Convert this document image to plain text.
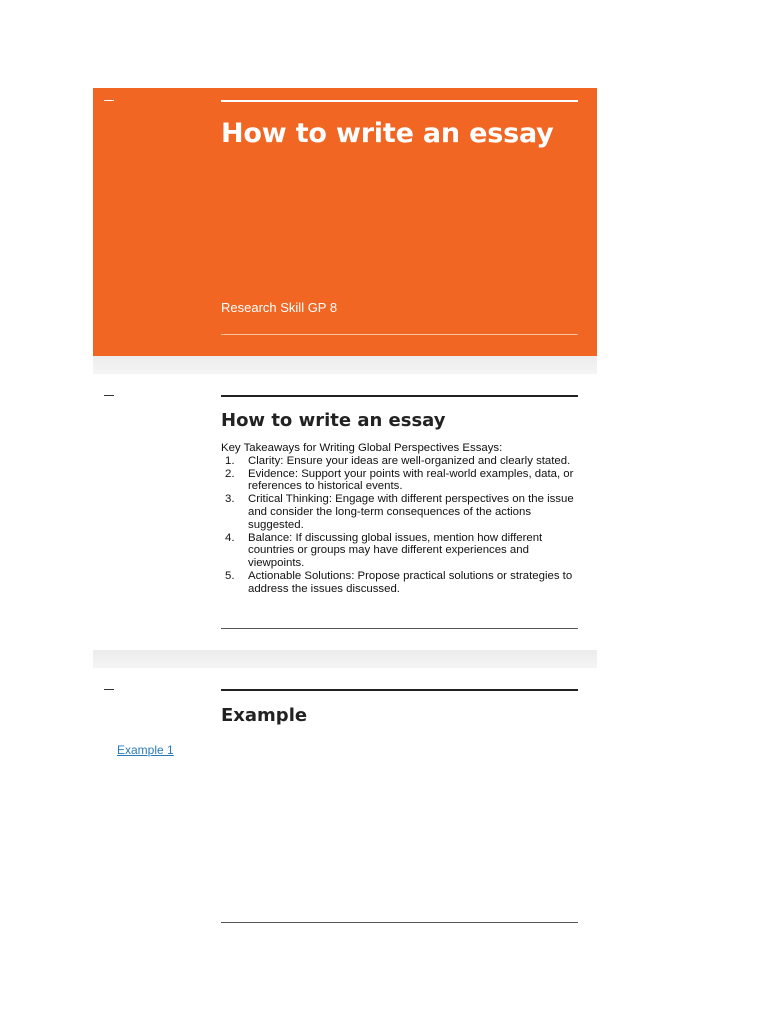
How to write an essay

Research Skill GP 8

How to write an essay

Key Takeaways for Writing Global Perspectives Essays:

1. Clarity: Ensure your ideas are well-organized and clearly stated.
2. Evidence: Support your points with real-world examples, data, or references to historical events.
3. Critical Thinking: Engage with different perspectives on the issue and consider the long-term consequences of the actions suggested.
4. Balance: If discussing global issues, mention how different countries or groups may have different experiences and viewpoints.
5. Actionable Solutions: Propose practical solutions or strategies to address the issues discussed.
Example
Example 1
